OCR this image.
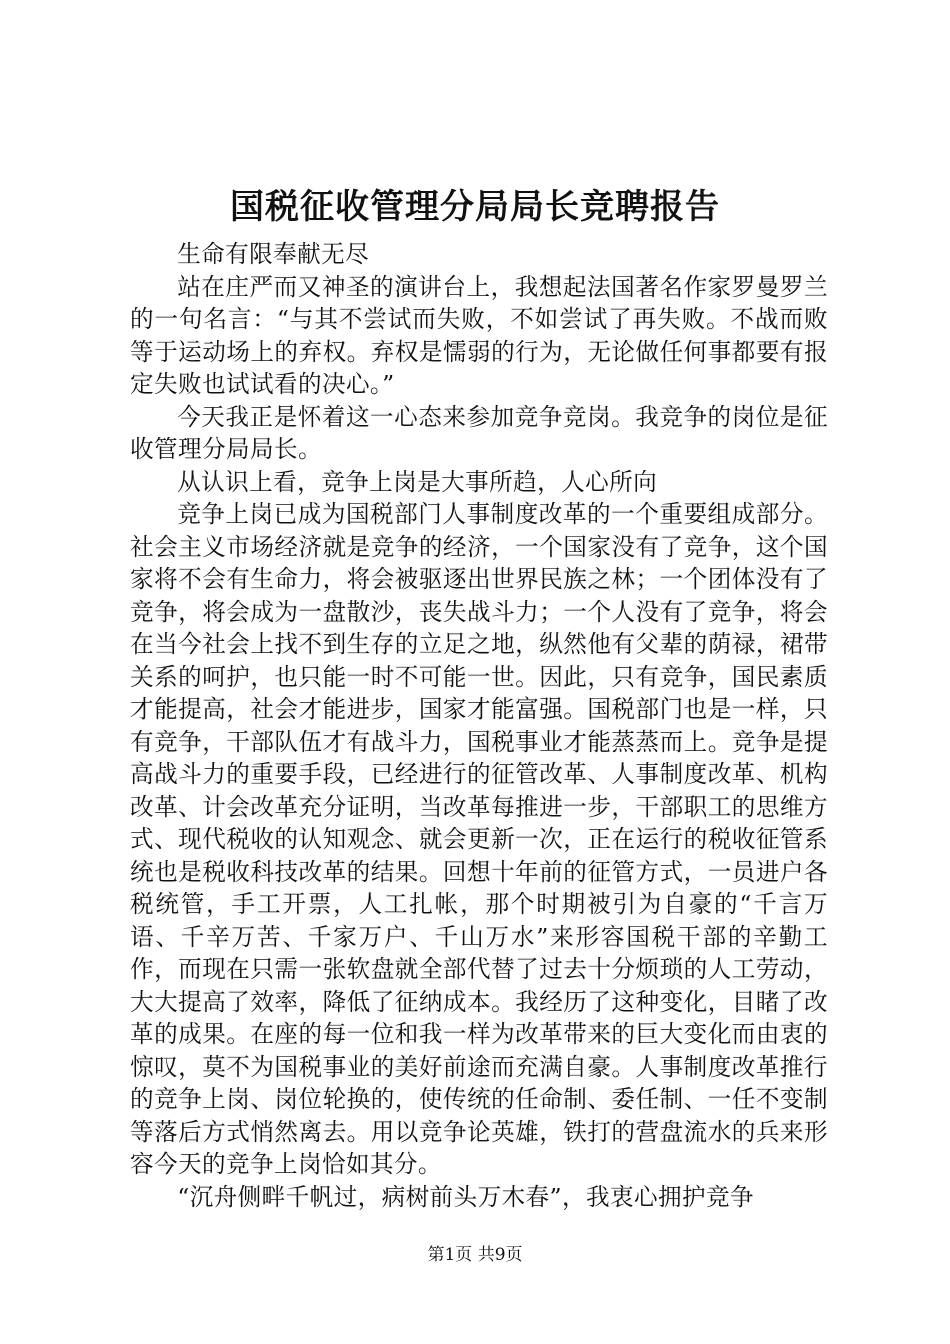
国税征收管理分局局长竞聘报告

生命有限奉献无尽

站在庄严而又神圣的演讲台上，我想起法国著名作家罗曼罗兰的一句名言：“与其不尝试而失败，不如尝试了再失败。不战而败等于运动场上的弃权。弃权是懦弱的行为，无论做任何事都要有报定失败也试试看的决心。”

今天我正是怀着这一心态来参加竞争竞岗。我竞争的岗位是征收管理分局局长。

从认识上看，竞争上岗是大事所趋，人心所向

竞争上岗已成为国税部门人事制度改革的一个重要组成部分。社会主义市场经济就是竞争的经济，一个国家没有了竞争，这个国家将不会有生命力，将会被驱逐出世界民族之林；一个团体没有了竞争，将会成为一盘散沙，丧失战斗力；一个人没有了竞争，将会在当今社会上找不到生存的立足之地，纵然他有父辈的荫禄，裙带关系的呵护，也只能一时不可能一世。因此，只有竞争，国民素质才能提高，社会才能进步，国家才能富强。国税部门也是一样，只有竞争，干部队伍才有战斗力，国税事业才能蒸蒸而上。竞争是提高战斗力的重要手段，已经进行的征管改革、人事制度改革、机构改革、计会改革充分证明，当改革每推进一步，干部职工的思维方式、现代税收的认知观念、就会更新一次，正在运行的税收征管系统也是税收科技改革的结果。回想十年前的征管方式，一员进户各税统管，手工开票，人工扎帐，那个时期被引为自豪的“千言万语、千辛万苦、千家万户、千山万水”来形容国税干部的辛勤工作，而现在只需一张软盘就全部代替了过去十分烦琐的人工劳动，大大提高了效率，降低了征纳成本。我经历了这种变化，目睹了改革的成果。在座的每一位和我一样为改革带来的巨大变化而由衷的惊叹，莫不为国税事业的美好前途而充满自豪。人事制度改革推行的竞争上岗、岗位轮换的，使传统的任命制、委任制、一任不变制等落后方式悄然离去。用以竞争论英雄，铁打的营盘流水的兵来形容今天的竞争上岗恰如其分。

“沉舟侧畔千帆过，病树前头万木春”，我衷心拥护竞争

第1页 共9页
